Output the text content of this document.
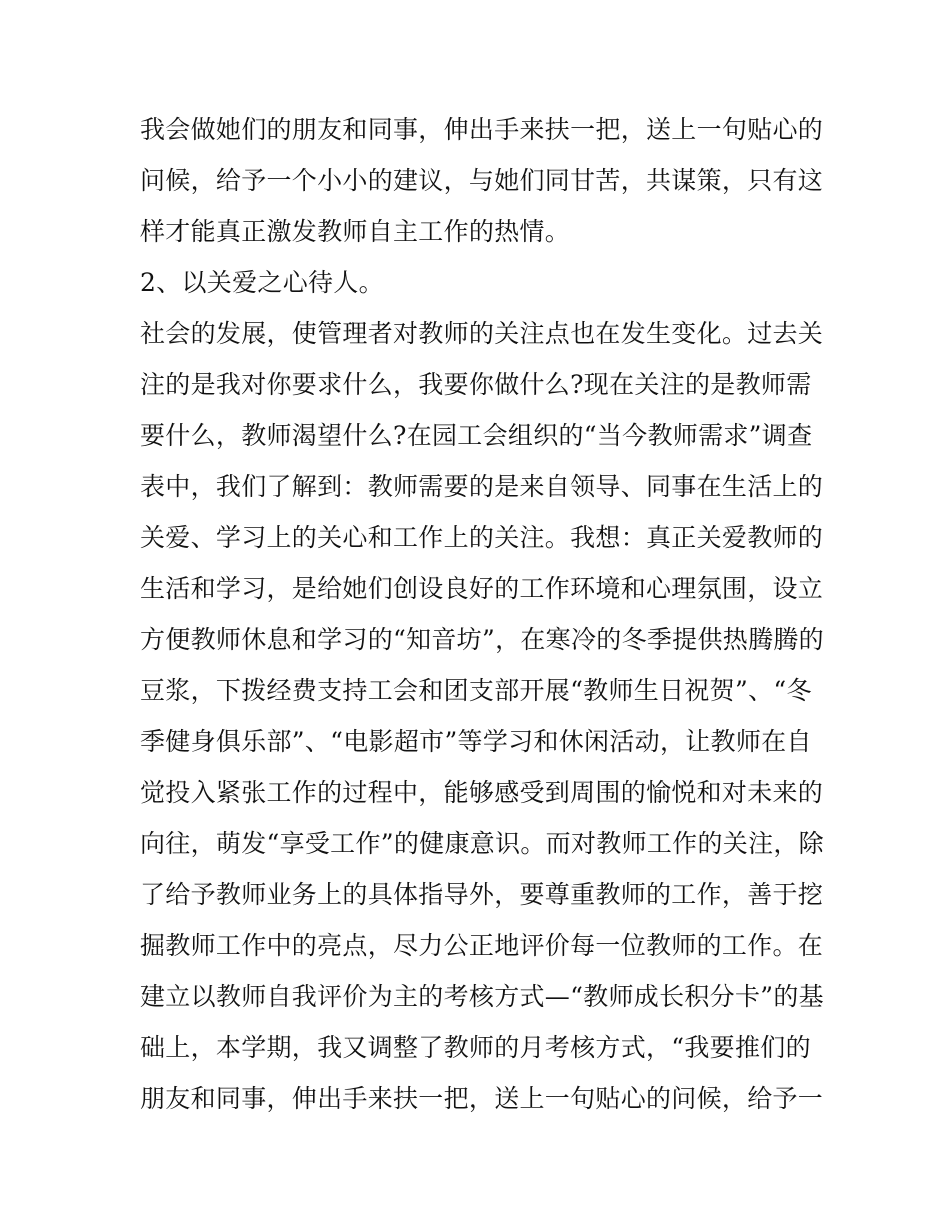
我会做她们的朋友和同事，伸出手来扶一把，送上一句贴心的
问候，给予一个小小的建议，与她们同甘苦，共谋策，只有这
样才能真正激发教师自主工作的热情。
2、以关爱之心待人。
社会的发展，使管理者对教师的关注点也在发生变化。过去关
注的是我对你要求什么，我要你做什么?现在关注的是教师需
要什么，教师渴望什么?在园工会组织的“当今教师需求”调查
表中，我们了解到：教师需要的是来自领导、同事在生活上的
关爱、学习上的关心和工作上的关注。我想：真正关爱教师的
生活和学习，是给她们创设良好的工作环境和心理氛围，设立
方便教师休息和学习的“知音坊”，在寒冷的冬季提供热腾腾的
豆浆，下拨经费支持工会和团支部开展“教师生日祝贺”、“冬
季健身俱乐部”、“电影超市”等学习和休闲活动，让教师在自
觉投入紧张工作的过程中，能够感受到周围的愉悦和对未来的
向往，萌发“享受工作”的健康意识。而对教师工作的关注，除
了给予教师业务上的具体指导外，要尊重教师的工作，善于挖
掘教师工作中的亮点，尽力公正地评价每一位教师的工作。在
建立以教师自我评价为主的考核方式—“教师成长积分卡”的基
础上，本学期，我又调整了教师的月考核方式，“我要推们的
朋友和同事，伸出手来扶一把，送上一句贴心的问候，给予一
